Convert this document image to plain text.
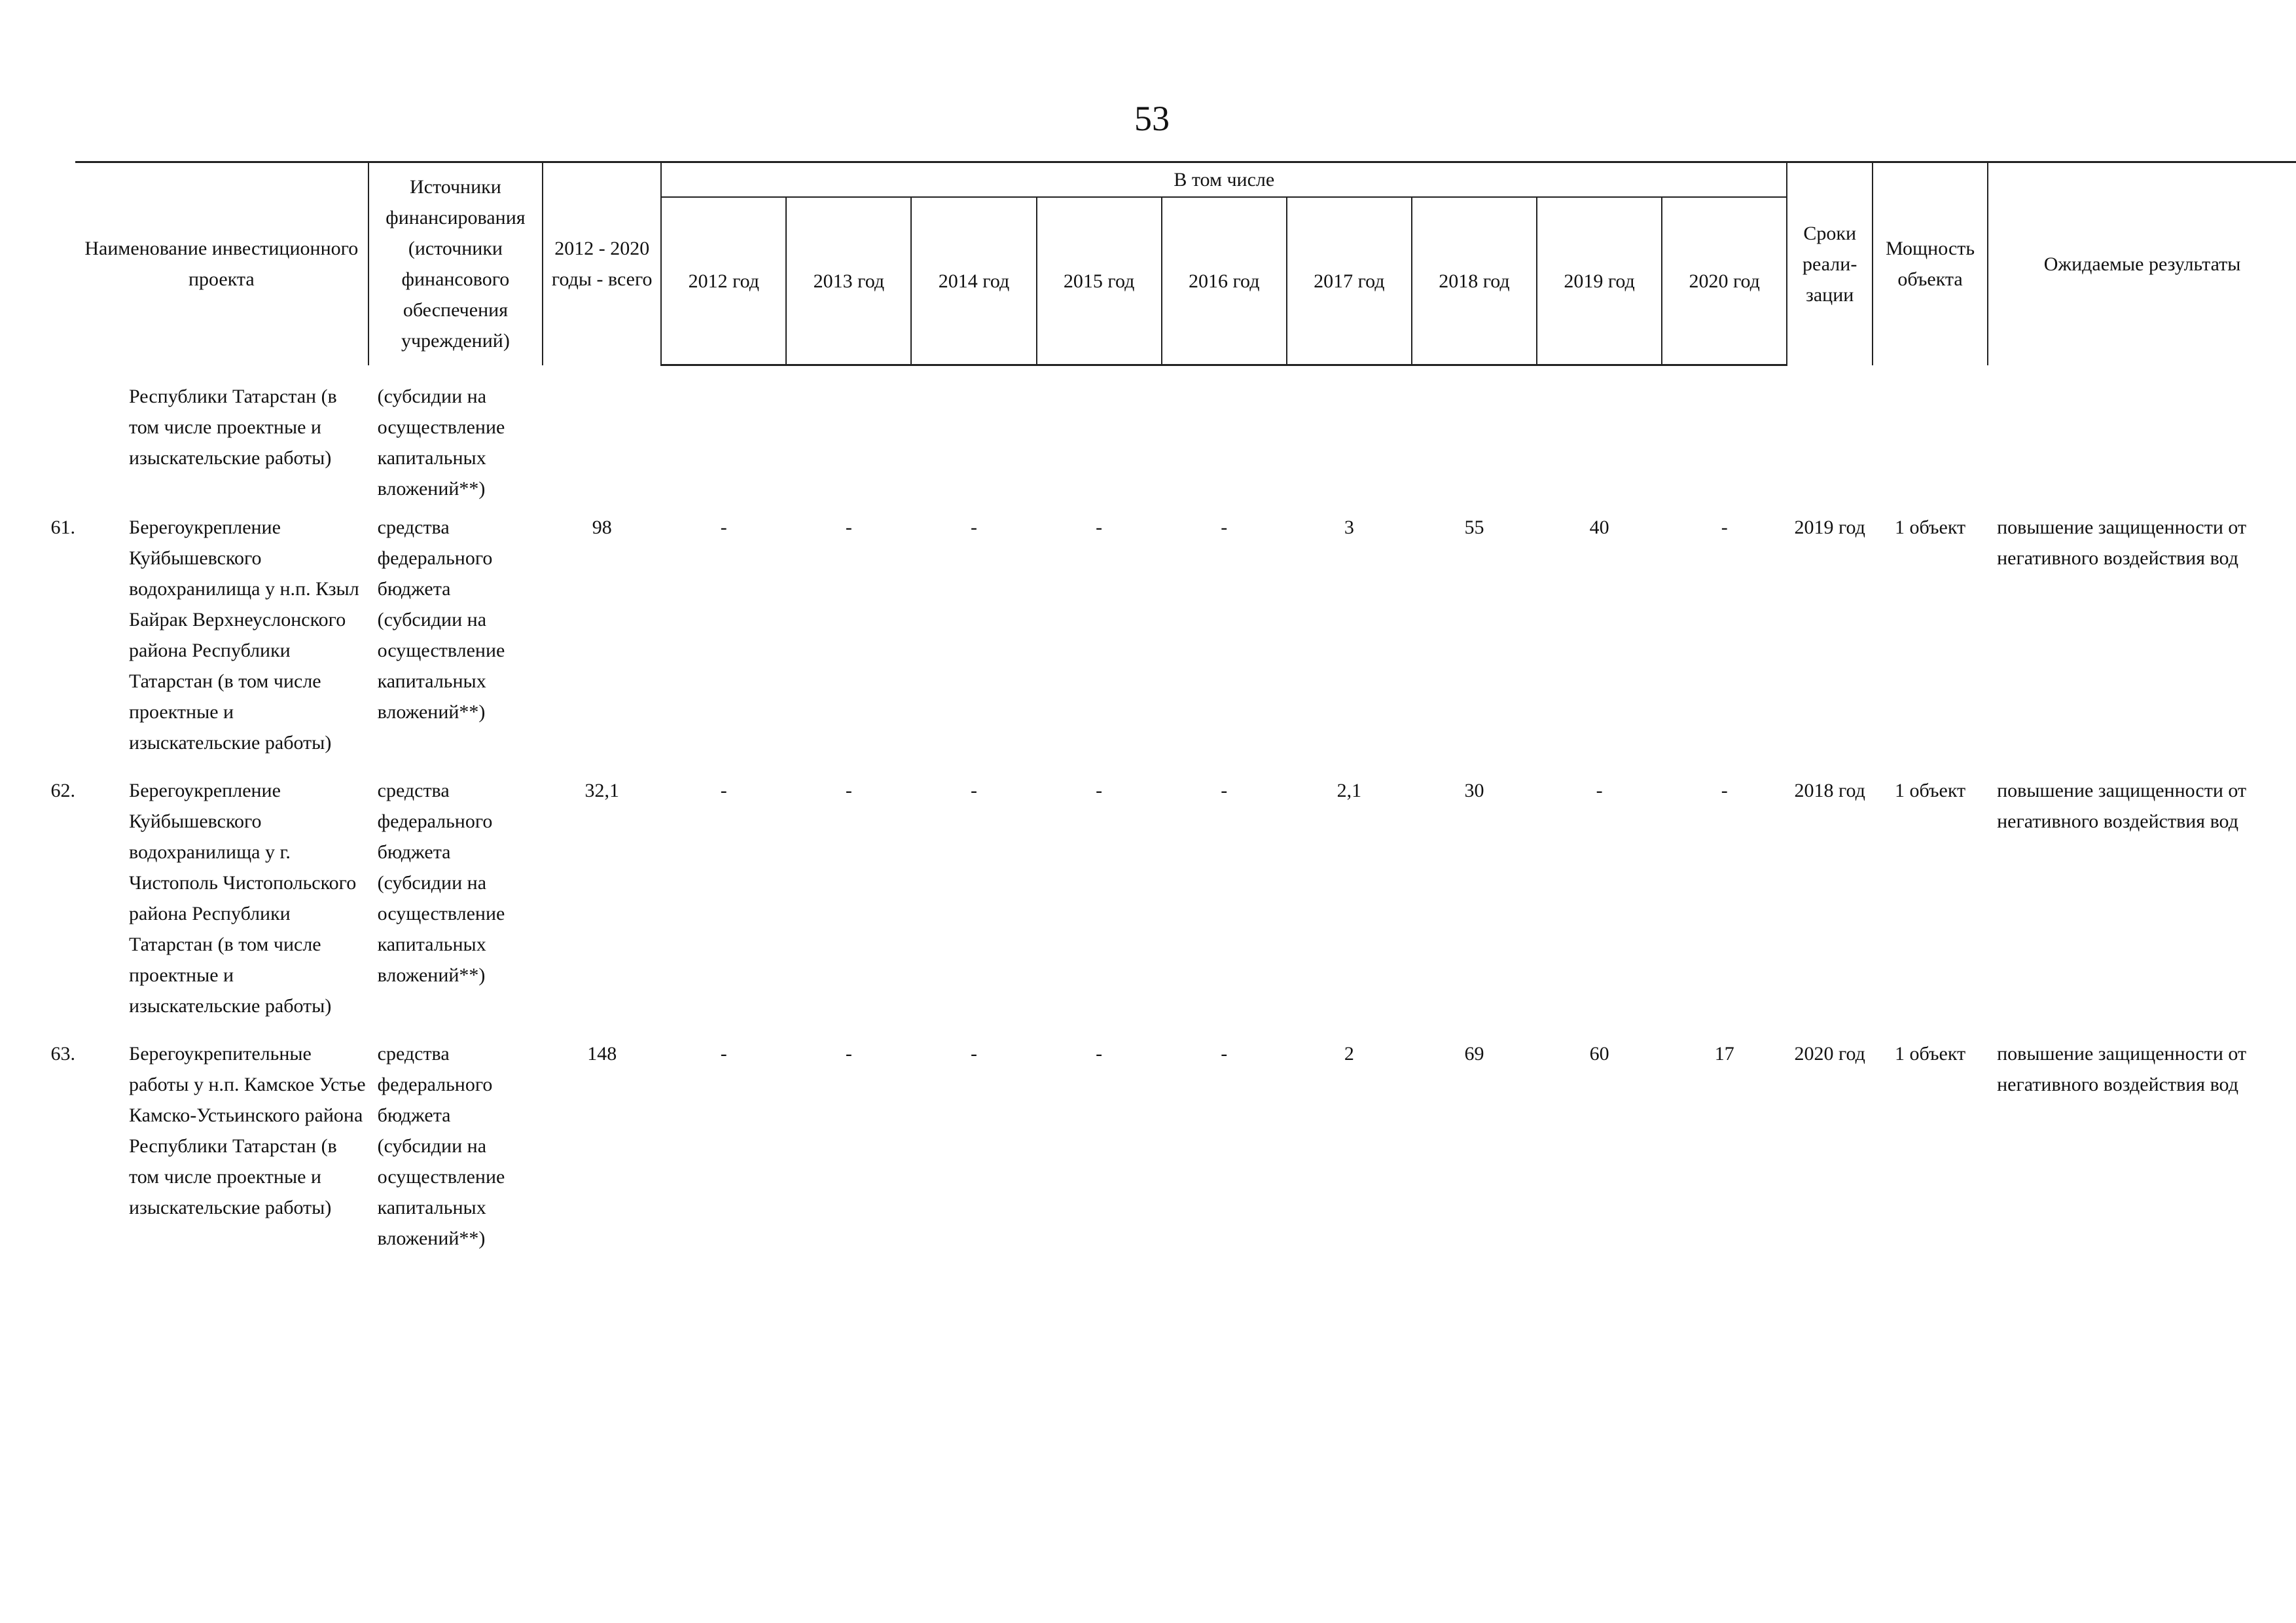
53
Наименование инвестиционного проекта	Источники финансирования (источники финансового обеспечения учреждений)	2012 - 2020 годы - всего	В том числе									Сроки реали- зации	Мощность объекта	Ожидаемые результаты
			2012 год	2013 год	2014 год	2015 год	2016 год	2017 год	2018 год	2019 год	2020 год			

Республики Татарстан (в том числе проектные и изыскательские работы)	(субсидии на осуществление капитальных вложений**)													

61. Берегоукрепление Куйбышевского водохранилища у н.п. Кзыл Байрак Верхнеуслонского района Республики Татарстан (в том числе проектные и изыскательские работы)	средства федерального бюджета (субсидии на осуществление капитальных вложений**)	98	-	-	-	-	-	3	55	40	-	2019 год	1 объект	повышение защищенности от негативного воздействия вод

62. Берегоукрепление Куйбышевского водохранилища у г. Чистополь Чистопольского района Республики Татарстан (в том числе проектные и изыскательские работы)	средства федерального бюджета (субсидии на осуществление капитальных вложений**)	32,1	-	-	-	-	-	2,1	30	-	-	2018 год	1 объект	повышение защищенности от негативного воздействия вод

63. Берегоукрепительные работы у н.п. Камское Устье Камско-Устьинского района Республики Татарстан (в том числе проектные и изыскательские работы)	средства федерального бюджета (субсидии на осуществление капитальных вложений**)	148	-	-	-	-	-	2	69	60	17	2020 год	1 объект	повышение защищенности от негативного воздействия вод
